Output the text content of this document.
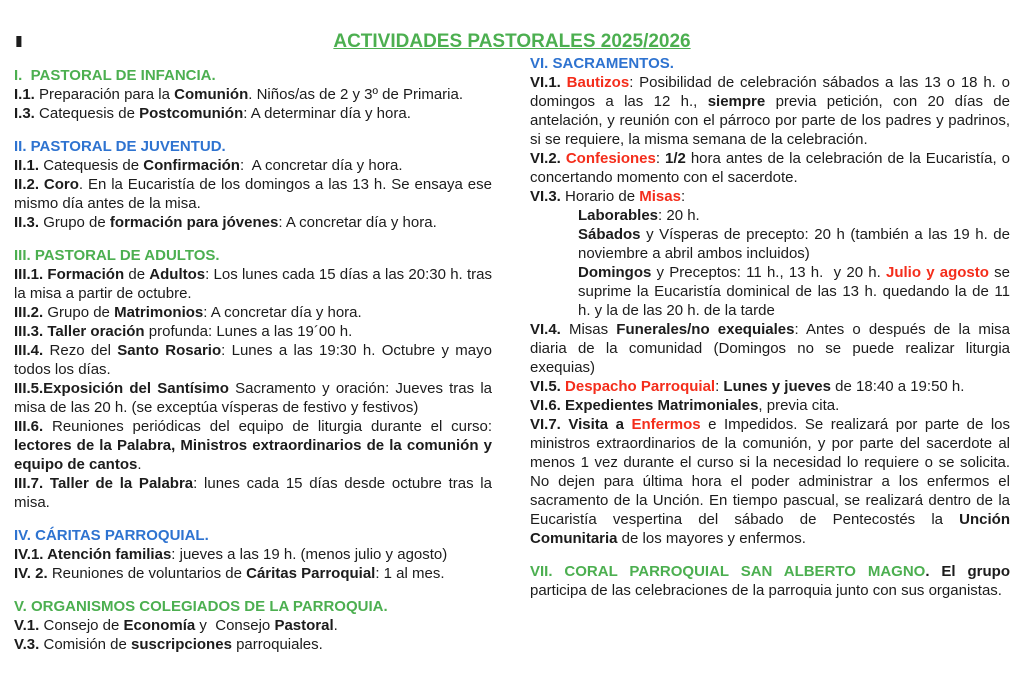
ACTIVIDADES PASTORALES 2025/2026
I

I.  PASTORAL DE INFANCIA.

I.1. Preparación para la Comunión. Niños/as de 2 y 3º de Primaria.

I.3. Catequesis de Postcomunión: A determinar día y hora.

II. PASTORAL DE JUVENTUD.

II.1. Catequesis de Confirmación:  A concretar día y hora.

II.2. Coro. En la Eucaristía de los domingos a las 13 h. Se ensaya ese mismo día antes de la misa.

II.3. Grupo de formación para jóvenes: A concretar día y hora.

III. PASTORAL DE ADULTOS.

III.1. Formación de Adultos: Los lunes cada 15 días a las 20:30 h. tras la misa a partir de octubre.

III.2. Grupo de Matrimonios: A concretar día y hora.

III.3. Taller oración profunda: Lunes a las 19´00 h.

III.4. Rezo del Santo Rosario: Lunes a las 19:30 h. Octubre y mayo todos los días.

III.5.Exposición del Santísimo Sacramento y oración: Jueves tras la misa de las 20 h. (se exceptúa vísperas de festivo y festivos)

III.6. Reuniones periódicas del equipo de liturgia durante el curso: lectores de la Palabra, Ministros extraordinarios de la comunión y equipo de cantos.

III.7. Taller de la Palabra: lunes cada 15 días desde octubre tras la misa.

IV. CÁRITAS PARROQUIAL.

IV.1. Atención familias: jueves a las 19 h. (menos julio y agosto)

IV. 2. Reuniones de voluntarios de Cáritas Parroquial: 1 al mes.

V. ORGANISMOS COLEGIADOS DE LA PARROQUIA.

V.1. Consejo de Economía y  Consejo Pastoral.

V.3. Comisión de suscripciones parroquiales.

VI. SACRAMENTOS.

VI.1. Bautizos: Posibilidad de celebración sábados a las 13 o 18 h. o domingos a las 12 h., siempre previa petición, con 20 días de antelación, y reunión con el párroco por parte de los padres y padrinos, si se requiere, la misma semana de la celebración.

VI.2. Confesiones: 1/2 hora antes de la celebración de la Eucaristía, o concertando momento con el sacerdote.

VI.3. Horario de Misas:

Laborables: 20 h.

Sábados y Vísperas de precepto: 20 h (también a las 19 h. de noviembre a abril ambos incluidos)

Domingos y Preceptos: 11 h., 13 h.  y 20 h. Julio y agosto se suprime la Eucaristía dominical de las 13 h. quedando la de 11 h. y la de las 20 h. de la tarde

VI.4. Misas Funerales/no exequiales: Antes o después de la misa diaria de la comunidad (Domingos no se puede realizar liturgia exequias)

VI.5. Despacho Parroquial: Lunes y jueves de 18:40 a 19:50 h.

VI.6. Expedientes Matrimoniales, previa cita.

VI.7. Visita a Enfermos e Impedidos. Se realizará por parte de los ministros extraordinarios de la comunión, y por parte del sacerdote al menos 1 vez durante el curso si la necesidad lo requiere o se solicita. No dejen para última hora el poder administrar a los enfermos el sacramento de la Unción. En tiempo pascual, se realizará dentro de la Eucaristía vespertina del sábado de Pentecostés la Unción Comunitaria de los mayores y enfermos.

VII. CORAL PARROQUIAL SAN ALBERTO MAGNO. El grupo participa de las celebraciones de la parroquia junto con sus organistas.
